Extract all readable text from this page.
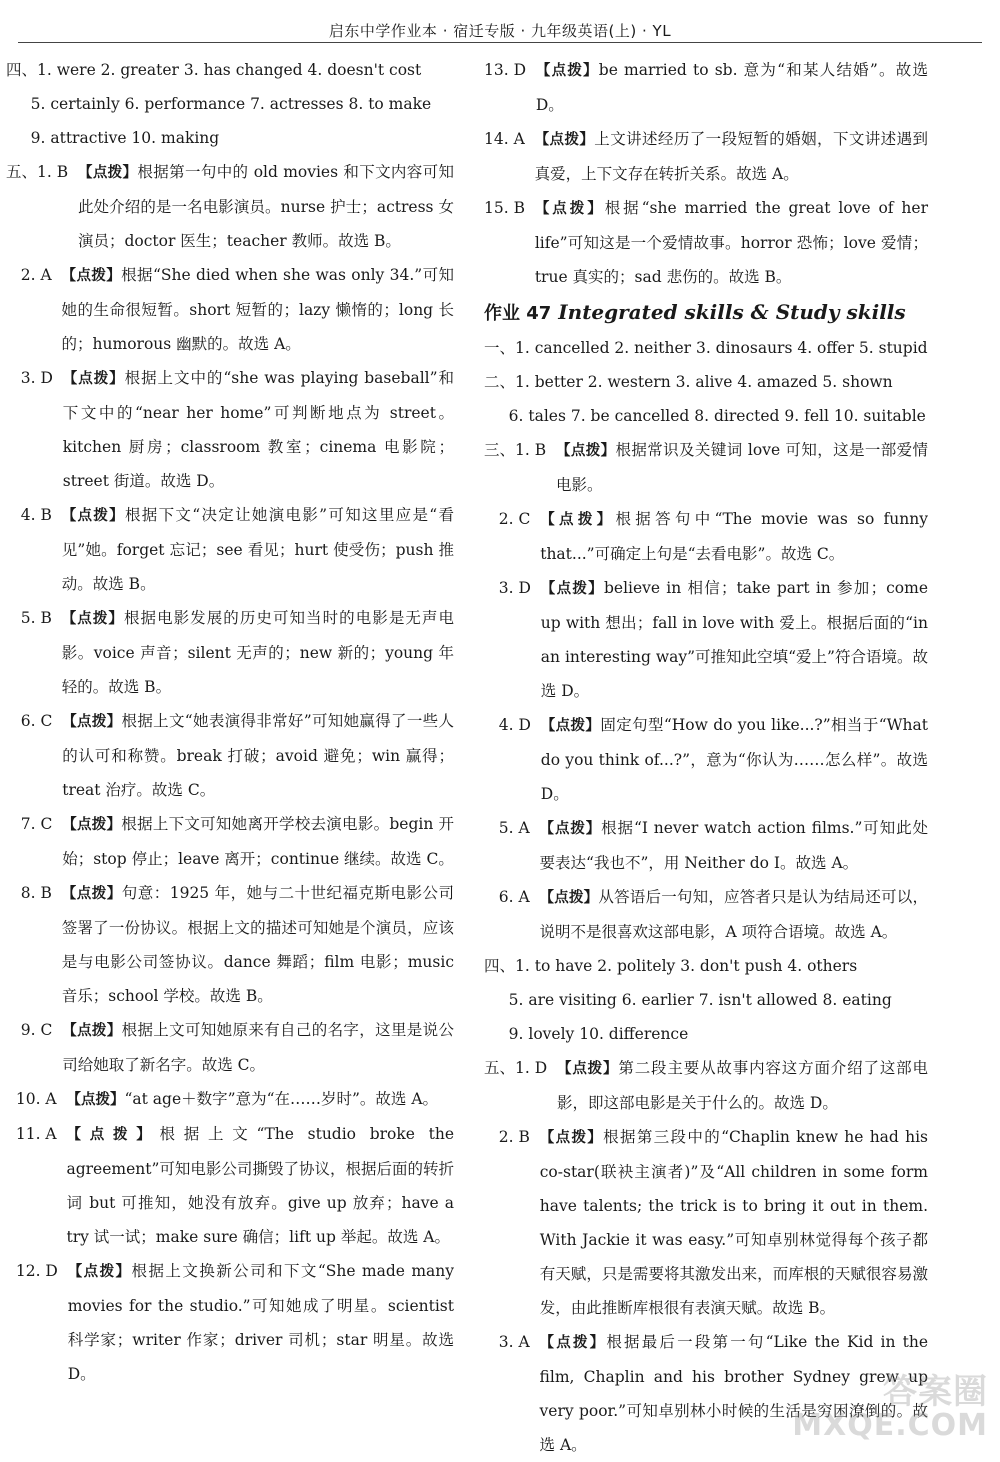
启东中学作业本 · 宿迁专版 · 九年级英语(上) · YL
四、1. were 2. greater 3. has changed 4. doesn't cost

5. certainly 6. performance 7. actresses 8. to make

9. attractive 10. making
五、1. B 【点拨】根据第一句中的 old movies 和下文内容可知此处介绍的是一名电影演员。nurse 护士；actress 女演员；doctor 医生；teacher 教师。故选 B。
2. A 【点拨】根据“She died when she was only 34.”可知她的生命很短暂。short 短暂的；lazy 懒惰的；long 长的；humorous 幽默的。故选 A。
3. D 【点拨】根据上文中的“she was playing baseball”和下文中的“near her home”可判断地点为 street。kitchen 厨房；classroom 教室；cinema 电影院；street 街道。故选 D。
4. B 【点拨】根据下文“决定让她演电影”可知这里应是“看见”她。forget 忘记；see 看见；hurt 使受伤；push 推动。故选 B。
5. B 【点拨】根据电影发展的历史可知当时的电影是无声电影。voice 声音；silent 无声的；new 新的；young 年轻的。故选 B。
6. C 【点拨】根据上文“她表演得非常好”可知她赢得了一些人的认可和称赞。break 打破；avoid 避免；win 赢得；treat 治疗。故选 C。
7. C 【点拨】根据上下文可知她离开学校去演电影。begin 开始；stop 停止；leave 离开；continue 继续。故选 C。
8. B 【点拨】句意：1925 年，她与二十世纪福克斯电影公司签署了一份协议。根据上文的描述可知她是个演员，应该是与电影公司签协议。dance 舞蹈；film 电影；music 音乐；school 学校。故选 B。
9. C 【点拨】根据上文可知她原来有自己的名字，这里是说公司给她取了新名字。故选 C。
10. A 【点拨】“at age＋数字”意为“在……岁时”。故选 A。
11. A 【点拨】根据上文“The studio broke the agreement”可知电影公司撕毁了协议，根据后面的转折词 but 可推知，她没有放弃。give up 放弃；have a try 试一试；make sure 确信；lift up 举起。故选 A。
12. D 【点拨】根据上文换新公司和下文“She made many movies for the studio.”可知她成了明星。scientist 科学家；writer 作家；driver 司机；star 明星。故选 D。
13. D 【点拨】be married to sb. 意为“和某人结婚”。故选 D。
14. A 【点拨】上文讲述经历了一段短暂的婚姻，下文讲述遇到真爱，上下文存在转折关系。故选 A。
15. B 【点拨】根据“she married the great love of her life”可知这是一个爱情故事。horror 恐怖；love 爱情；true 真实的；sad 悲伤的。故选 B。
作业 47 Integrated skills & Study skills
一、1. cancelled 2. neither 3. dinosaurs 4. offer 5. stupid
二、1. better 2. western 3. alive 4. amazed 5. shown

6. tales 7. be cancelled 8. directed 9. fell 10. suitable
三、1. B 【点拨】根据常识及关键词 love 可知，这是一部爱情电影。
2. C 【点拨】根据答句中“The movie was so funny that...”可确定上句是“去看电影”。故选 C。
3. D 【点拨】believe in 相信；take part in 参加；come up with 想出；fall in love with 爱上。根据后面的“in an interesting way”可推知此空填“爱上”符合语境。故选 D。
4. D 【点拨】固定句型“How do you like...?”相当于“What do you think of...?”，意为“你认为……怎么样”。故选 D。
5. A 【点拨】根据“I never watch action films.”可知此处要表达“我也不”，用 Neither do I。故选 A。
6. A 【点拨】从答语后一句知，应答者只是认为结局还可以，说明不是很喜欢这部电影，A 项符合语境。故选 A。
四、1. to have 2. politely 3. don't push 4. others

5. are visiting 6. earlier 7. isn't allowed 8. eating

9. lovely 10. difference
五、1. D 【点拨】第二段主要从故事内容这方面介绍了这部电影，即这部电影是关于什么的。故选 D。
2. B 【点拨】根据第三段中的“Chaplin knew he had his co-star(联袂主演者)”及“All children in some form have talents; the trick is to bring it out in them. With Jackie it was easy.”可知卓别林觉得每个孩子都有天赋，只是需要将其激发出来，而库根的天赋很容易激发，由此推断库根很有表演天赋。故选 B。
3. A 【点拨】根据最后一段第一句“Like the Kid in the film, Chaplin and his brother Sydney grew up very poor.”可知卓别林小时候的生活是穷困潦倒的。故选 A。
答案圈
MXQE.COM
